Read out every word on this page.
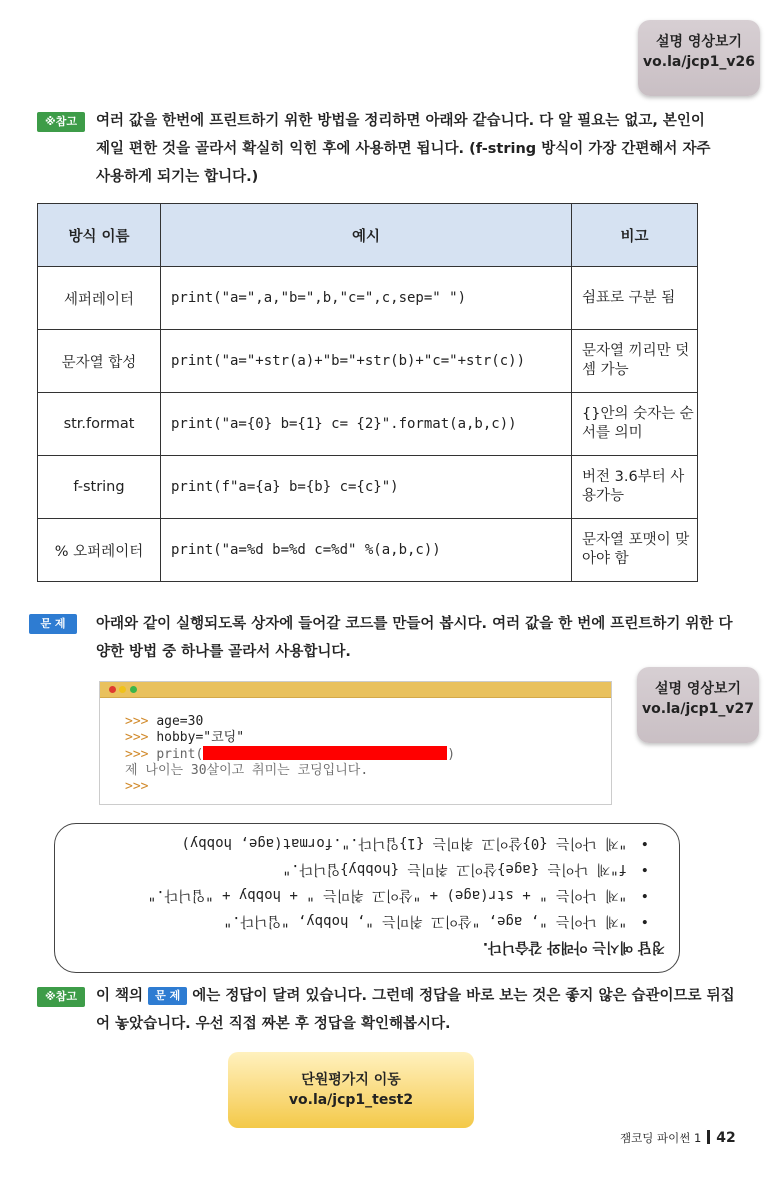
설명 영상보기
vo.la/jcp1_v26
※참고	여러 값을 한번에 프린트하기 위한 방법을 정리하면 아래와 같습니다. 다 알 필요는 없고, 본인이 제일 편한 것을 골라서 확실히 익힌 후에 사용하면 됩니다. (f-string 방식이 가장 간편해서 자주 사용하게 되기는 합니다.)
방식 이름	예시	비고
세퍼레이터	print("a=",a,"b=",b,"c=",c,sep=" ")	쉼표로 구분 됨
문자열 합성	print("a="+str(a)+"b="+str(b)+"c="+str(c))	문자열 끼리만 덧셈 가능
str.format	print("a={0} b={1} c= {2}".format(a,b,c))	{}안의 숫자는 순서를 의미
f-string	print(f"a={a} b={b} c={c}")	버전 3.6부터 사용가능
% 오퍼레이터	print("a=%d b=%d c=%d" %(a,b,c))	문자열 포맷이 맞아야 함
문 제	아래와 같이 실행되도록 상자에 들어갈 코드를 만들어 봅시다. 여러 값을 한 번에 프린트하기 위한 다양한 방법 중 하나를 골라서 사용합니다.
설명 영상보기
vo.la/jcp1_v27
>>> age=30
>>> hobby="코딩"
>>> print(	)
제 나이는 30살이고 취미는 코딩입니다.
>>>
정답 예시는 아래와 같습니다.
• "제 나이는 ", age, "살이고 취미는 ", hobby, "입니다."
• "제 나이는 " + str(age) + "살이고 취미는 " + hobby + "입니다."
• f"제 나이는 {age}살이고 취미는 {hobby}입니다."
• "제 나이는 {0}살이고 취미는 {1}입니다.".format(age, hobby)
※참고	이 책의 문 제 에는 정답이 달려 있습니다. 그런데 정답을 바로 보는 것은 좋지 않은 습관이므로 뒤집어 놓았습니다. 우선 직접 짜본 후 정답을 확인해봅시다.
단원평가지 이동
vo.la/jcp1_test2
잼코딩 파이썬 1 42
